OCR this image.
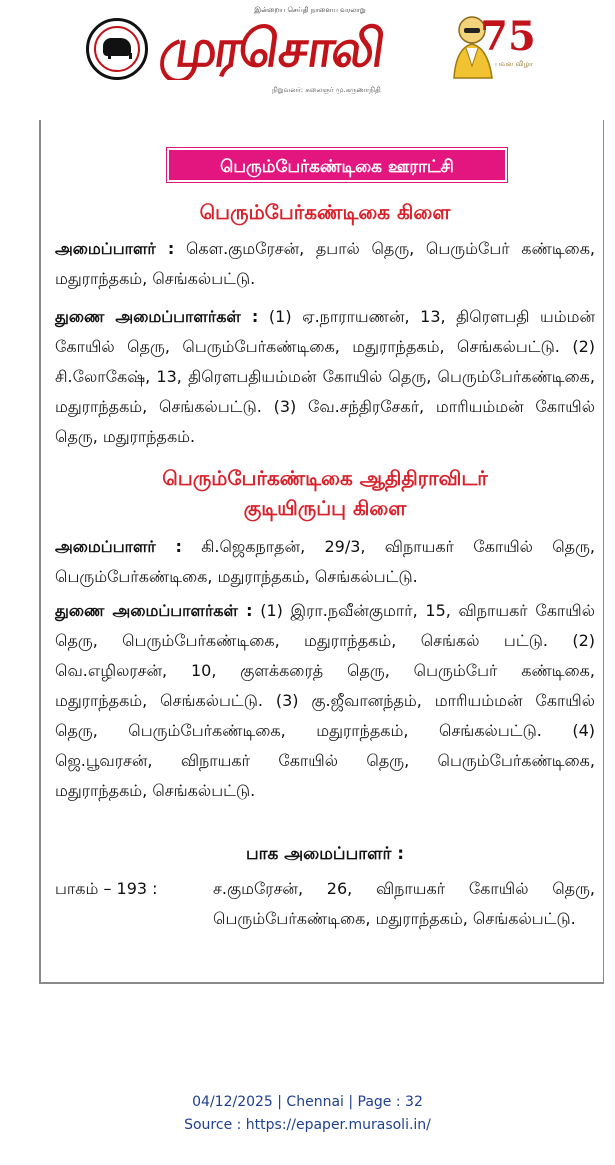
இன்றைய செய்தி நாளைய வரலாறு
முரசொலி
நிறுவனர்: கலைஞர் மு.கருணாநிதி
75
பவள விழா
பெரும்பேர்கண்டிகை ஊராட்சி
பெரும்பேர்கண்டிகை கிளை

அமைப்பாளர் : கௌ.குமரேசன், தபால் தெரு, பெரும்பேர் கண்டிகை, மதுராந்தகம், செங்கல்பட்டு.

துணை அமைப்பாளர்கள் : (1) ஏ.நாராயணன், 13, திரௌபதி யம்மன் கோயில் தெரு, பெரும்பேர்கண்டிகை, மதுராந்தகம், செங்கல்பட்டு. (2) சி.லோகேஷ், 13, திரௌபதியம்மன் கோயில் தெரு, பெரும்பேர்கண்டிகை, மதுராந்தகம், செங்கல்பட்டு. (3) வே.சந்திரசேகர், மாரியம்மன் கோயில் தெரு, மதுராந்தகம்.

பெரும்பேர்கண்டிகை ஆதிதிராவிடர்
குடியிருப்பு கிளை

அமைப்பாளர் : கி.ஜெகநாதன், 29/3, விநாயகர் கோயில் தெரு, பெரும்பேர்கண்டிகை, மதுராந்தகம், செங்கல்பட்டு.

துணை அமைப்பாளர்கள் : (1) இரா.நவீன்குமார், 15, விநாயகர் கோயில் தெரு, பெரும்பேர்கண்டிகை, மதுராந்தகம், செங்கல் பட்டு. (2) வெ.எழிலரசன், 10, குளக்கரைத் தெரு, பெரும்பேர் கண்டிகை, மதுராந்தகம், செங்கல்பட்டு. (3) கு.ஜீவானந்தம், மாரியம்மன் கோயில் தெரு, பெரும்பேர்கண்டிகை, மதுராந்தகம், செங்கல்பட்டு. (4) ஜெ.பூவரசன், விநாயகர் கோயில் தெரு, பெரும்பேர்கண்டிகை, மதுராந்தகம், செங்கல்பட்டு.

பாக அமைப்பாளர் :
பாகம் – 193 :	ச.குமரேசன், 26, விநாயகர் கோயில் தெரு, பெரும்பேர்கண்டிகை, மதுராந்தகம், செங்கல்பட்டு.
04/12/2025 | Chennai | Page : 32
Source : https://epaper.murasoli.in/
